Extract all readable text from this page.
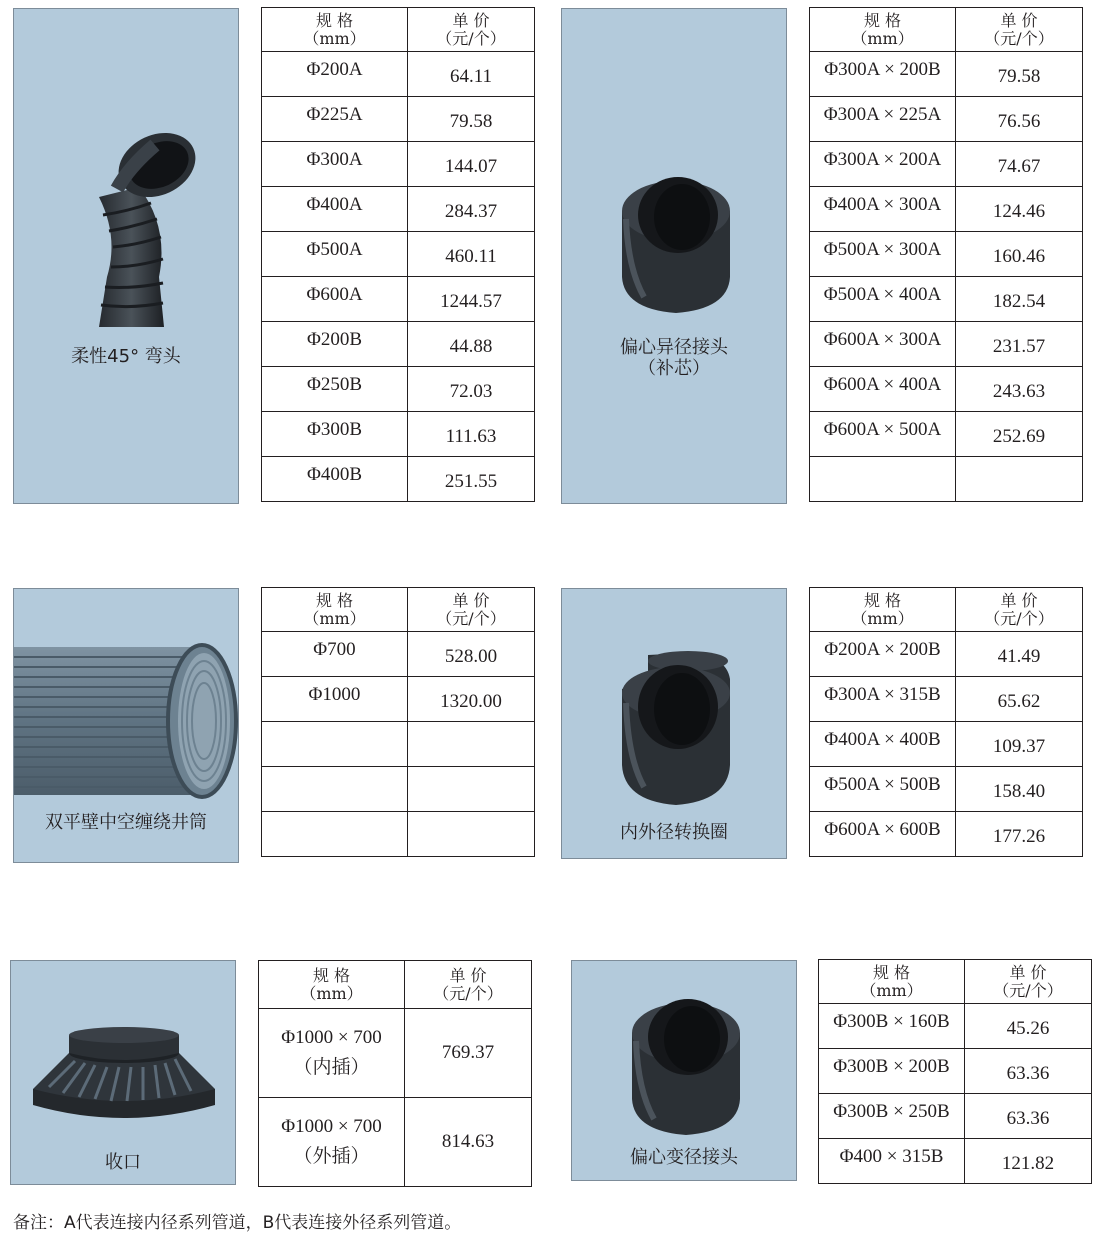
柔性45° 弯头
规 格
（mm）	单 价
（元/个）

Φ200A	64.11
Φ225A	79.58
Φ300A	144.07
Φ400A	284.37
Φ500A	460.11
Φ600A	1244.57
Φ200B	44.88
Φ250B	72.03
Φ300B	111.63
Φ400B	251.55
偏心异径接头
（补芯）
规 格
（mm）	单 价
（元/个）

Φ300A × 200B	79.58
Φ300A × 225A	76.56
Φ300A × 200A	74.67
Φ400A × 300A	124.46
Φ500A × 300A	160.46
Φ500A × 400A	182.54
Φ600A × 300A	231.57
Φ600A × 400A	243.63
Φ600A × 500A	252.69

双平壁中空缠绕井筒
规 格
（mm）	单 价
（元/个）

Φ700	528.00
Φ1000	1320.00

内外径转换圈
规 格
（mm）	单 价
（元/个）

Φ200A × 200B	41.49
Φ300A × 315B	65.62
Φ400A × 400B	109.37
Φ500A × 500B	158.40
Φ600A × 600B	177.26
收口
规 格
（mm）	单 价
（元/个）

Φ1000 × 700
（内插）	769.37

Φ1000 × 700
（外插）	814.63
偏心变径接头
规 格
（mm）	单 价
（元/个）

Φ300B × 160B	45.26
Φ300B × 200B	63.36
Φ300B × 250B	63.36
Φ400 × 315B	121.82
备注：A代表连接内径系列管道，B代表连接外径系列管道。
